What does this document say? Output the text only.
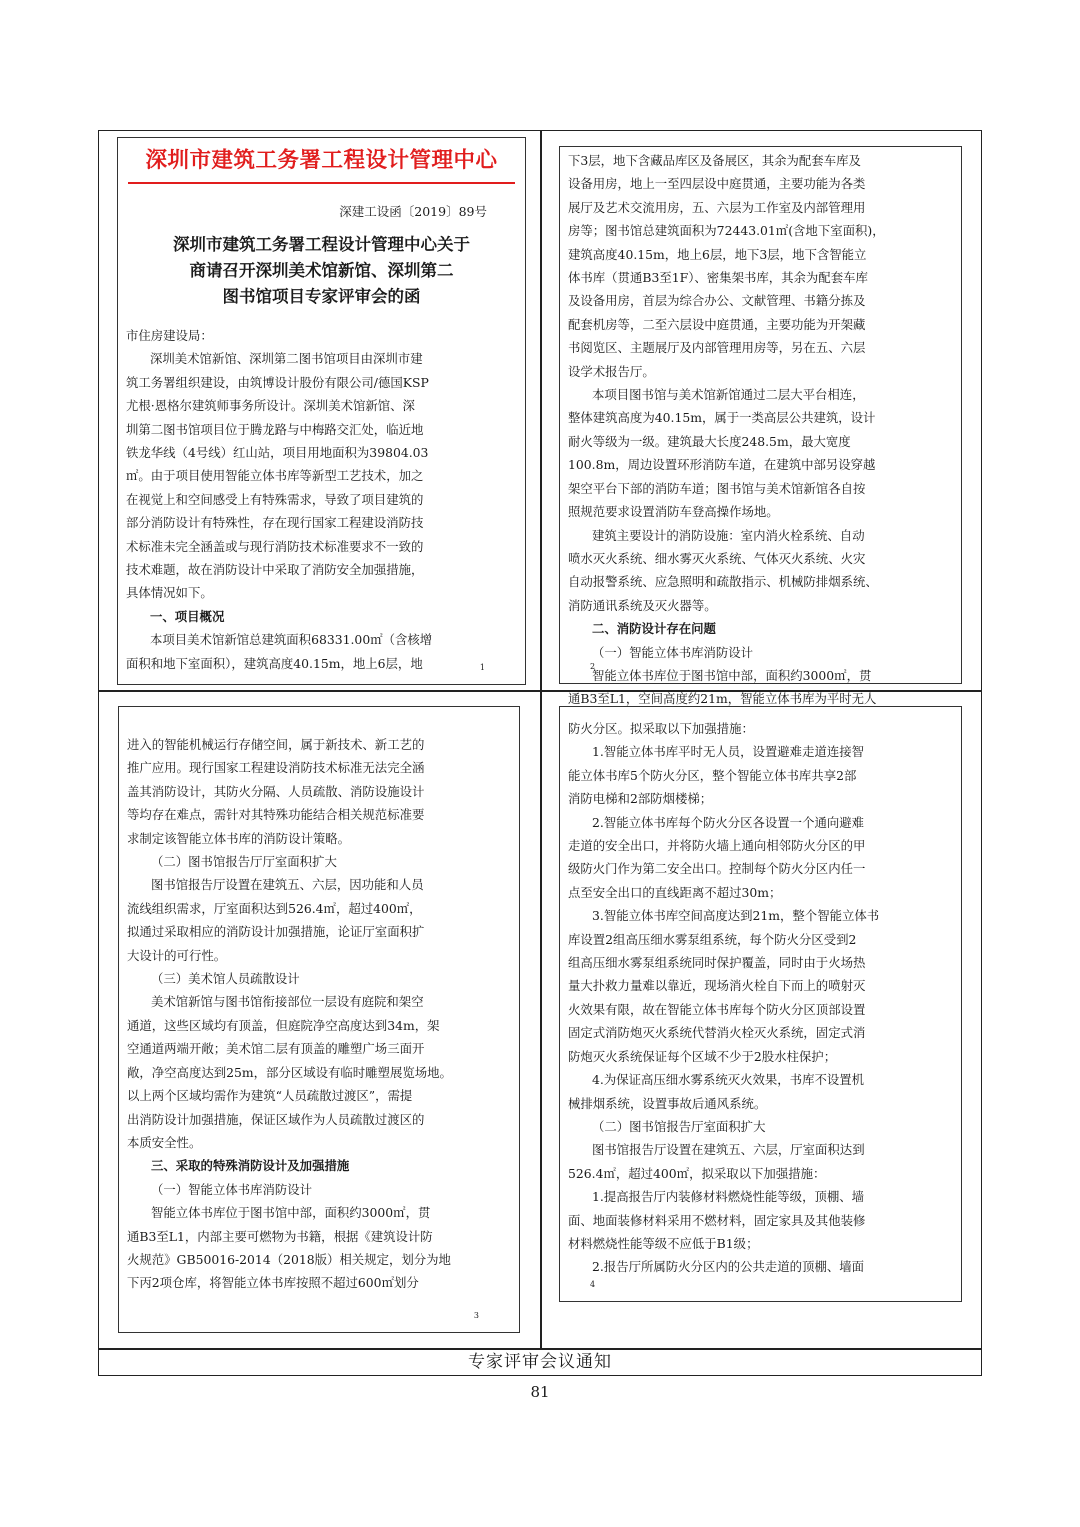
深圳市建筑工务署工程设计管理中心
深建工设函〔2019〕89号
深圳市建筑工务署工程设计管理中心关于
商请召开深圳美术馆新馆、深圳第二
图书馆项目专家评审会的函
市住房建设局：
深圳美术馆新馆、深圳第二图书馆项目由深圳市建
筑工务署组织建设，由筑博设计股份有限公司/德国KSP
尤根·恩格尔建筑师事务所设计。深圳美术馆新馆、深
圳第二图书馆项目位于腾龙路与中梅路交汇处，临近地
铁龙华线（4号线）红山站，项目用地面积为39804.03
㎡。由于项目使用智能立体书库等新型工艺技术，加之
在视觉上和空间感受上有特殊需求，导致了项目建筑的
部分消防设计有特殊性，存在现行国家工程建设消防技
术标准未完全涵盖或与现行消防技术标准要求不一致的
技术难题，故在消防设计中采取了消防安全加强措施，
具体情况如下。
一、项目概况
本项目美术馆新馆总建筑面积68331.00㎡（含核增
面积和地下室面积），建筑高度40.15m，地上6层，地	1
下3层，地下含藏品库区及备展区，其余为配套车库及
设备用房，地上一至四层设中庭贯通，主要功能为各类
展厅及艺术交流用房，五、六层为工作室及内部管理用
房等；图书馆总建筑面积为72443.01㎡(含地下室面积)，
建筑高度40.15m，地上6层，地下3层，地下含智能立
体书库（贯通B3至1F）、密集架书库，其余为配套车库
及设备用房，首层为综合办公、文献管理、书籍分拣及
配套机房等，二至六层设中庭贯通，主要功能为开架藏
书阅览区、主题展厅及内部管理用房等，另在五、六层
设学术报告厅。
本项目图书馆与美术馆新馆通过二层大平台相连，
整体建筑高度为40.15m，属于一类高层公共建筑，设计
耐火等级为一级。建筑最大长度248.5m，最大宽度
100.8m，周边设置环形消防车道，在建筑中部另设穿越
架空平台下部的消防车道；图书馆与美术馆新馆各自按
照规范要求设置消防车登高操作场地。
建筑主要设计的消防设施：室内消火栓系统、自动
喷水灭火系统、细水雾灭火系统、气体灭火系统、火灾
自动报警系统、应急照明和疏散指示、机械防排烟系统、
消防通讯系统及灭火器等。
二、消防设计存在问题
（一）智能立体书库消防设计
智能立体书库位于图书馆中部，面积约3000㎡，贯
通B3至L1，空间高度约21m，智能立体书库为平时无人
2
进入的智能机械运行存储空间，属于新技术、新工艺的
推广应用。现行国家工程建设消防技术标准无法完全涵
盖其消防设计，其防火分隔、人员疏散、消防设施设计
等均存在难点，需针对其特殊功能结合相关规范标准要
求制定该智能立体书库的消防设计策略。
（二）图书馆报告厅厅室面积扩大
图书馆报告厅设置在建筑五、六层，因功能和人员
流线组织需求，厅室面积达到526.4㎡，超过400㎡，
拟通过采取相应的消防设计加强措施，论证厅室面积扩
大设计的可行性。
（三）美术馆人员疏散设计
美术馆新馆与图书馆衔接部位一层设有庭院和架空
通道，这些区域均有顶盖，但庭院净空高度达到34m，架
空通道两端开敞；美术馆二层有顶盖的雕塑广场三面开
敞，净空高度达到25m，部分区域设有临时雕塑展览场地。
以上两个区域均需作为建筑“人员疏散过渡区”，需提
出消防设计加强措施，保证区域作为人员疏散过渡区的
本质安全性。
三、采取的特殊消防设计及加强措施
（一）智能立体书库消防设计
智能立体书库位于图书馆中部，面积约3000㎡，贯
通B3至L1，内部主要可燃物为书籍，根据《建筑设计防
火规范》GB50016-2014（2018版）相关规定，划分为地
下丙2项仓库，将智能立体书库按照不超过600㎡划分
3
防火分区。拟采取以下加强措施：
1.智能立体书库平时无人员，设置避难走道连接智
能立体书库5个防火分区，整个智能立体书库共享2部
消防电梯和2部防烟楼梯；
2.智能立体书库每个防火分区各设置一个通向避难
走道的安全出口，并将防火墙上通向相邻防火分区的甲
级防火门作为第二安全出口。控制每个防火分区内任一
点至安全出口的直线距离不超过30m；
3.智能立体书库空间高度达到21m，整个智能立体书
库设置2组高压细水雾泵组系统，每个防火分区受到2
组高压细水雾泵组系统同时保护覆盖，同时由于火场热
量大扑救力量难以靠近，现场消火栓自下而上的喷射灭
火效果有限，故在智能立体书库每个防火分区顶部设置
固定式消防炮灭火系统代替消火栓灭火系统，固定式消
防炮灭火系统保证每个区域不少于2股水柱保护；
4.为保证高压细水雾系统灭火效果，书库不设置机
械排烟系统，设置事故后通风系统。
（二）图书馆报告厅室面积扩大
图书馆报告厅设置在建筑五、六层，厅室面积达到
526.4㎡，超过400㎡，拟采取以下加强措施：
1.提高报告厅内装修材料燃烧性能等级，顶棚、墙
面、地面装修材料采用不燃材料，固定家具及其他装修
材料燃烧性能等级不应低于B1级；
2.报告厅所属防火分区内的公共走道的顶棚、墙面
4
专家评审会议通知
81
